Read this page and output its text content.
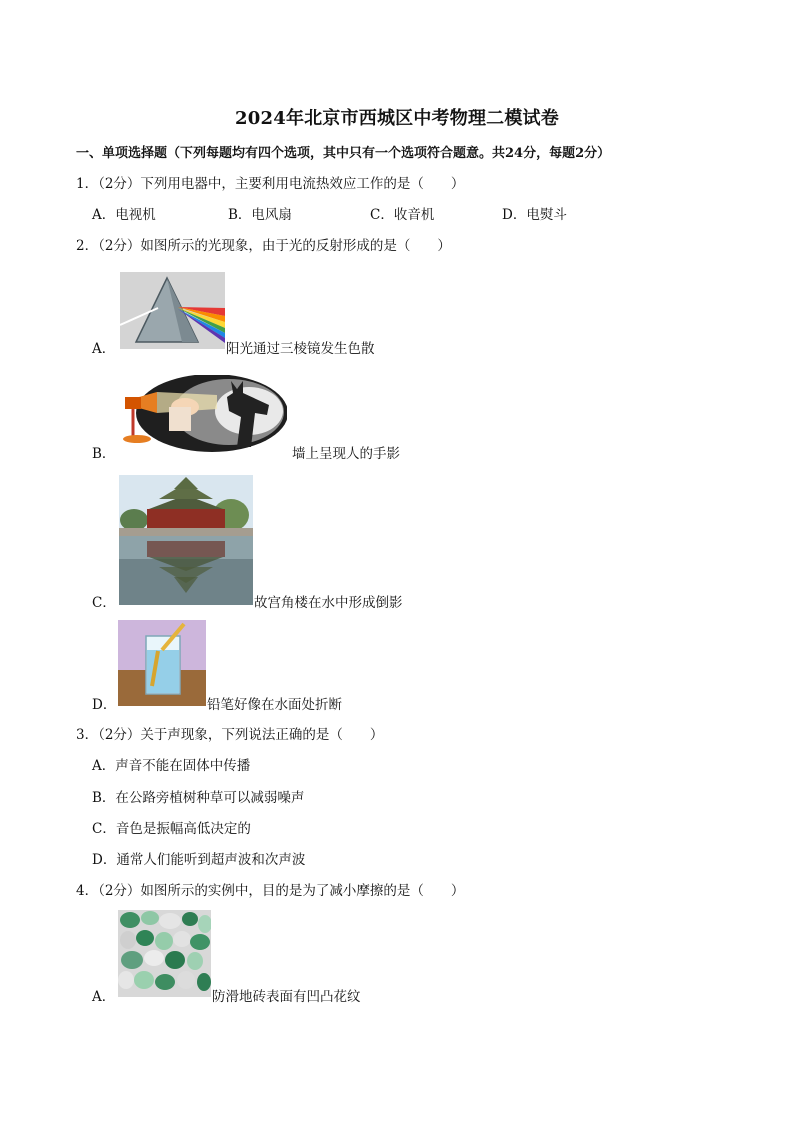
2024年北京市西城区中考物理二模试卷
一、单项选择题（下列每题均有四个选项，其中只有一个选项符合题意。共24分，每题2分）
1．（2分）下列用电器中，主要利用电流热效应工作的是（　　）
A．电视机	B．电风扇	C．收音机	D．电熨斗
2．（2分）如图所示的光现象，由于光的反射形成的是（　　）
A．	阳光通过三棱镜发生色散
B．	墙上呈现人的手影
C．	故宫角楼在水中形成倒影
D．	铅笔好像在水面处折断
3．（2分）关于声现象，下列说法正确的是（　　）
A．声音不能在固体中传播
B．在公路旁植树种草可以减弱噪声
C．音色是振幅高低决定的
D．通常人们能听到超声波和次声波
4．（2分）如图所示的实例中，目的是为了减小摩擦的是（　　）
A．	防滑地砖表面有凹凸花纹
